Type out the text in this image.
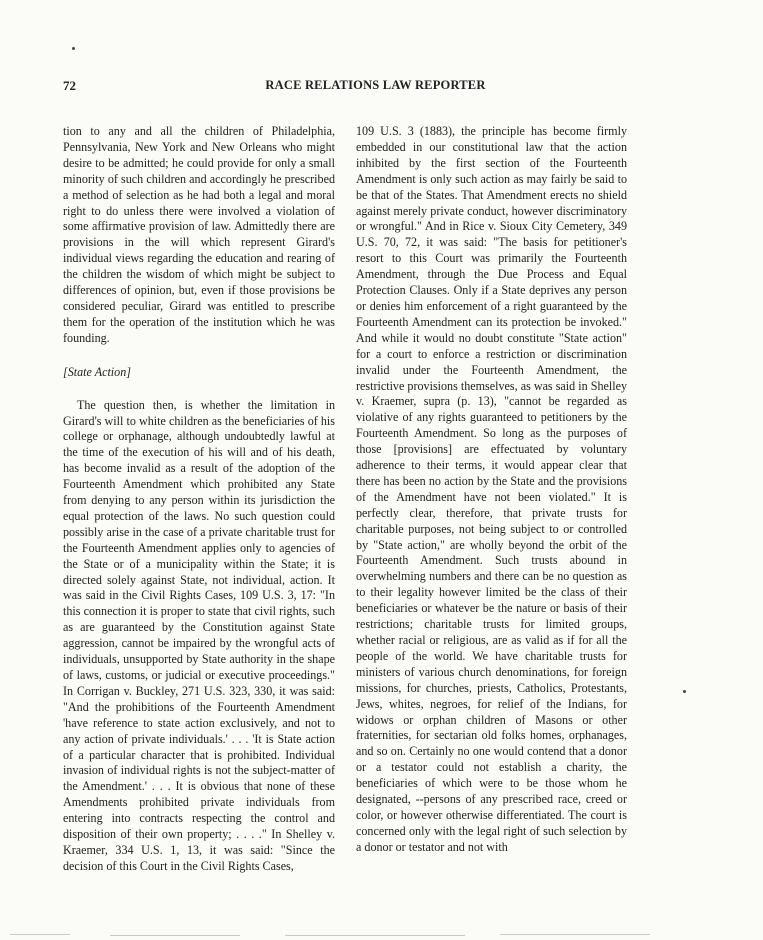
72	RACE RELATIONS LAW REPORTER

tion to any and all the children of Philadelphia, Pennsylvania, New York and New Orleans who might desire to be admitted; he could provide for only a small minority of such children and accordingly he prescribed a method of selection as he had both a legal and moral right to do unless there were involved a violation of some affirmative provision of law. Admittedly there are provisions in the will which represent Girard's individual views regarding the education and rearing of the children the wisdom of which might be subject to differences of opinion, but, even if those provisions be considered peculiar, Girard was entitled to prescribe them for the operation of the institution which he was founding.

[State Action]

The question then, is whether the limitation in Girard's will to white children as the beneficiaries of his college or orphanage, although undoubtedly lawful at the time of the execution of his will and of his death, has become invalid as a result of the adoption of the Fourteenth Amendment which prohibited any State from denying to any person within its jurisdiction the equal protection of the laws. No such question could possibly arise in the case of a private charitable trust for the Fourteenth Amendment applies only to agencies of the State or of a municipality within the State; it is directed solely against State, not individual, action. It was said in the Civil Rights Cases, 109 U.S. 3, 17: "In this connection it is proper to state that civil rights, such as are guaranteed by the Constitution against State aggression, cannot be impaired by the wrongful acts of individuals, unsupported by State authority in the shape of laws, customs, or judicial or executive proceedings." In Corrigan v. Buckley, 271 U.S. 323, 330, it was said: "And the prohibitions of the Fourteenth Amendment 'have reference to state action exclusively, and not to any action of private individuals.' . . . 'It is State action of a particular character that is prohibited. Individual invasion of individual rights is not the subject-matter of the Amendment.' . . . It is obvious that none of these Amendments prohibited private individuals from entering into contracts respecting the control and disposition of their own property; . . . ." In Shelley v. Kraemer, 334 U.S. 1, 13, it was said: "Since the decision of this Court in the Civil Rights Cases,

109 U.S. 3 (1883), the principle has become firmly embedded in our constitutional law that the action inhibited by the first section of the Fourteenth Amendment is only such action as may fairly be said to be that of the States. That Amendment erects no shield against merely private conduct, however discriminatory or wrongful." And in Rice v. Sioux City Cemetery, 349 U.S. 70, 72, it was said: "The basis for petitioner's resort to this Court was primarily the Fourteenth Amendment, through the Due Process and Equal Protection Clauses. Only if a State deprives any person or denies him enforcement of a right guaranteed by the Fourteenth Amendment can its protection be invoked." And while it would no doubt constitute "State action" for a court to enforce a restriction or discrimination invalid under the Fourteenth Amendment, the restrictive provisions themselves, as was said in Shelley v. Kraemer, supra (p. 13), "cannot be regarded as violative of any rights guaranteed to petitioners by the Fourteenth Amendment. So long as the purposes of those [provisions] are effectuated by voluntary adherence to their terms, it would appear clear that there has been no action by the State and the provisions of the Amendment have not been violated." It is perfectly clear, therefore, that private trusts for charitable purposes, not being subject to or controlled by "State action," are wholly beyond the orbit of the Fourteenth Amendment. Such trusts abound in overwhelming numbers and there can be no question as to their legality however limited be the class of their beneficiaries or whatever be the nature or basis of their restrictions; charitable trusts for limited groups, whether racial or religious, are as valid as if for all the people of the world. We have charitable trusts for ministers of various church denominations, for foreign missions, for churches, priests, Catholics, Protestants, Jews, whites, negroes, for relief of the Indians, for widows or orphan children of Masons or other fraternities, for sectarian old folks homes, orphanages, and so on. Certainly no one would contend that a donor or a testator could not establish a charity, the beneficiaries of which were to be those whom he designated, --persons of any prescribed race, creed or color, or however otherwise differentiated. The court is concerned only with the legal right of such selection by a donor or testator and not with
